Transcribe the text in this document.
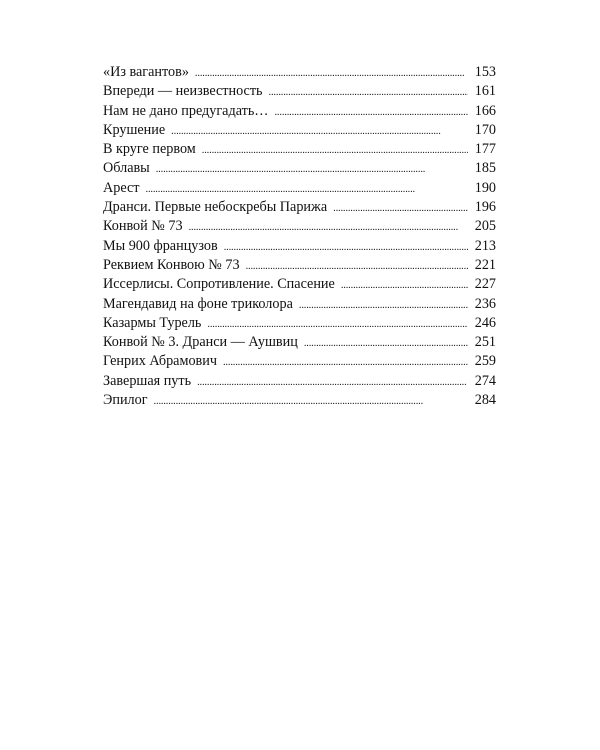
«Из вагантов» . . .	153
Впереди — неизвестность . . .	161
Нам не дано предугадать… . . .	166
Крушение . . .	170
В круге первом . . .	177
Облавы . . .	185
Арест . . .	190
Дранси. Первые небоскребы Парижа . . .	196
Конвой № 73 . . .	205
Мы 900 французов . . .	213
Реквием Конвою № 73 . . .	221
Иссерлисы. Сопротивление. Спасение . . .	227
Магендавид на фоне триколора . . .	236
Казармы Турель . . .	246
Конвой № 3. Дранси — Аушвиц . . .	251
Генрих Абрамович . . .	259
Завершая путь . . .	274
Эпилог . . .	284
